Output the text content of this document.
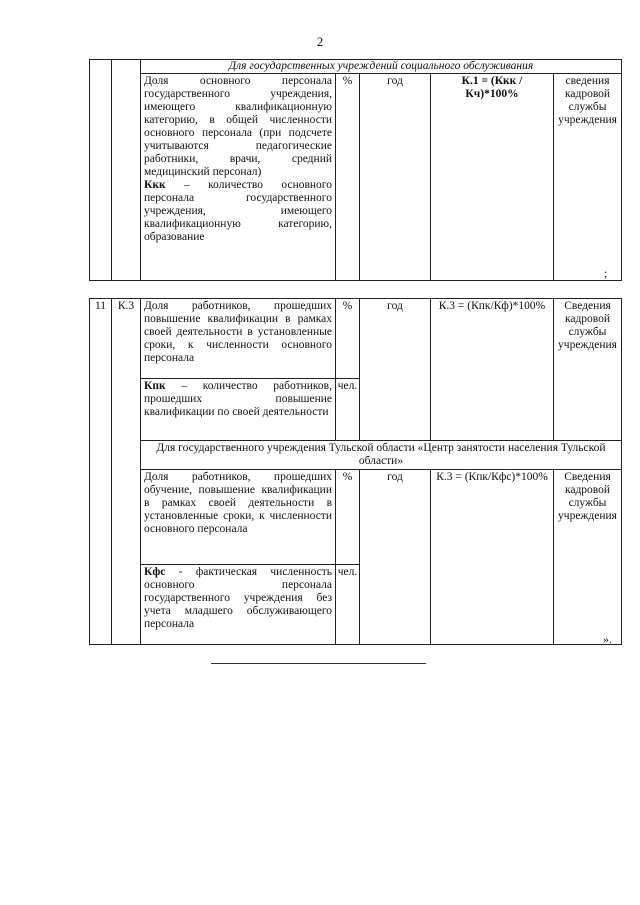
2
		Для государственных учреждений социального обслуживания				

		Доля основного персонала государственного учреждения, имеющего квалификационную категорию, в общей численности основного персонала (при подсчете учитываются педагогические работники, врачи, средний медицинский персонал)
Ккк – количество основного персонала государственного учреждения, имеющего квалификационную категорию, образование	%	год	К.1 = (Ккк / Кч)*100%	сведения кадровой службы учреждения
;
11	К.3	Доля работников, прошедших повышение квалификации в рамках своей деятельности в установленные сроки, к численности основного персонала	%	год	К.3 = (Кпк/Кф)*100%	Сведения кадровой службы учреждения
		Кпк – количество работников, прошедших повышение квалификации по своей деятельности	чел.			
		Для государственного учреждения Тульской области «Центр занятости населения Тульской области»				
		Доля работников, прошедших обучение, повышение квалификации в рамках своей деятельности в установленные сроки, к численности основного персонала	%	год	К.3 = (Кпк/Кфс)*100%	Сведения кадровой службы учреждения
		Кфс - фактическая численность основного персонала государственного учреждения без учета младшего обслуживающего персонала	чел.			
».
